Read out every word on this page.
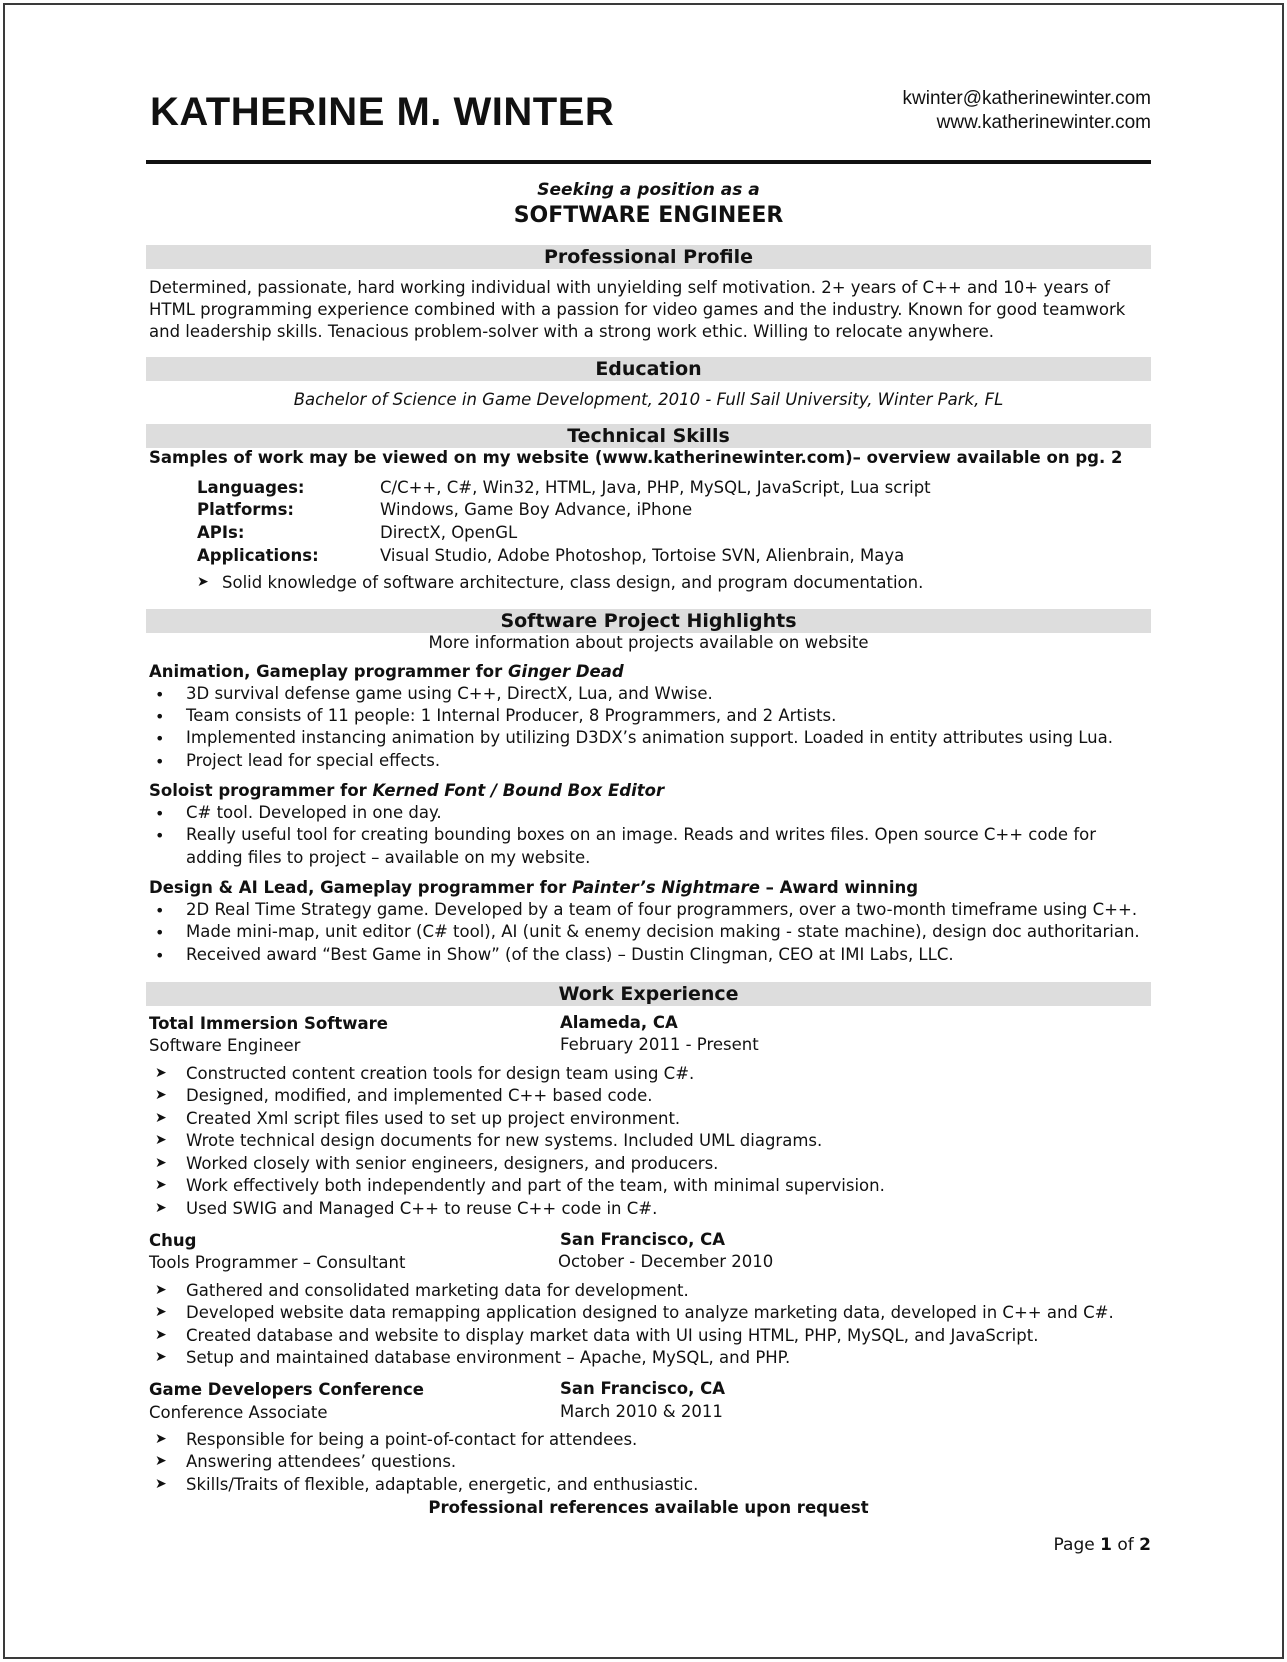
KATHERINE M. WINTER	kwinter@katherinewinter.com
www.katherinewinter.com
Seeking a position as a
SOFTWARE ENGINEER
Professional Profile
Determined, passionate, hard working individual with unyielding self motivation. 2+ years of C++ and 10+ years of
HTML programming experience combined with a passion for video games and the industry. Known for good teamwork
and leadership skills. Tenacious problem-solver with a strong work ethic. Willing to relocate anywhere.
Education
Bachelor of Science in Game Development, 2010 - Full Sail University, Winter Park, FL
Technical Skills
Samples of work may be viewed on my website (www.katherinewinter.com)– overview available on pg. 2
Languages:	C/C++, C#, Win32, HTML, Java, PHP, MySQL, JavaScript, Lua script
Platforms:	Windows, Game Boy Advance, iPhone
APIs:	DirectX, OpenGL
Applications:	Visual Studio, Adobe Photoshop, Tortoise SVN, Alienbrain, Maya
➤ Solid knowledge of software architecture, class design, and program documentation.
Software Project Highlights
More information about projects available on website
Animation, Gameplay programmer for Ginger Dead
• 3D survival defense game using C++, DirectX, Lua, and Wwise.
• Team consists of 11 people: 1 Internal Producer, 8 Programmers, and 2 Artists.
• Implemented instancing animation by utilizing D3DX’s animation support. Loaded in entity attributes using Lua.
• Project lead for special effects.
Soloist programmer for Kerned Font / Bound Box Editor
• C# tool. Developed in one day.
• Really useful tool for creating bounding boxes on an image. Reads and writes files. Open source C++ code for
adding files to project – available on my website.
Design & AI Lead, Gameplay programmer for Painter’s Nightmare – Award winning
• 2D Real Time Strategy game. Developed by a team of four programmers, over a two-month timeframe using C++.
• Made mini-map, unit editor (C# tool), AI (unit & enemy decision making - state machine), design doc authoritarian.
• Received award “Best Game in Show” (of the class) – Dustin Clingman, CEO at IMI Labs, LLC.
Work Experience
Total Immersion Software	Alameda, CA
Software Engineer	February 2011 - Present
➤ Constructed content creation tools for design team using C#.
➤ Designed, modified, and implemented C++ based code.
➤ Created Xml script files used to set up project environment.
➤ Wrote technical design documents for new systems. Included UML diagrams.
➤ Worked closely with senior engineers, designers, and producers.
➤ Work effectively both independently and part of the team, with minimal supervision.
➤ Used SWIG and Managed C++ to reuse C++ code in C#.
Chug	San Francisco, CA
Tools Programmer – Consultant	October - December 2010
➤ Gathered and consolidated marketing data for development.
➤ Developed website data remapping application designed to analyze marketing data, developed in C++ and C#.
➤ Created database and website to display market data with UI using HTML, PHP, MySQL, and JavaScript.
➤ Setup and maintained database environment – Apache, MySQL, and PHP.
Game Developers Conference	San Francisco, CA
Conference Associate	March 2010 & 2011
➤ Responsible for being a point-of-contact for attendees.
➤ Answering attendees’ questions.
➤ Skills/Traits of flexible, adaptable, energetic, and enthusiastic.
Professional references available upon request
Page 1 of 2
